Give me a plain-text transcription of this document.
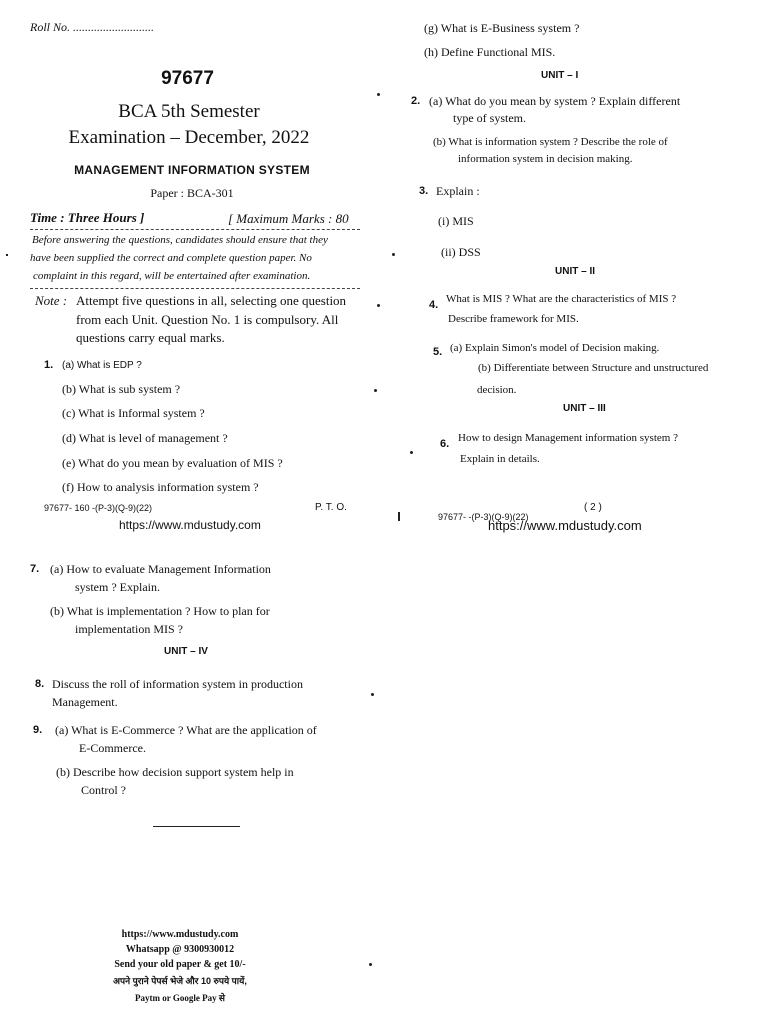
Roll No. ...........................
97677
BCA 5th Semester
Examination – December, 2022
MANAGEMENT INFORMATION SYSTEM
Paper : BCA-301
Time : Three Hours ]	[ Maximum Marks : 80
Before answering the questions, candidates should ensure that they
have been supplied the correct and complete question paper. No
complaint in this regard, will be entertained after examination.
Note : Attempt five questions in all, selecting one question
from each Unit. Question No. 1 is compulsory. All
questions carry equal marks.
1. (a) What is EDP ?
(b) What is sub system ?
(c) What is Informal system ?
(d) What is level of management ?
(e) What do you mean by evaluation of MIS ?
(f) How to analysis information system ?
97677- 160 -(P-3)(Q-9)(22)	P. T. O.
https://www.mdustudy.com
(g) What is E-Business system ?
(h) Define Functional MIS.
UNIT – I
2. (a) What do you mean by system ? Explain different
type of system.
(b) What is information system ? Describe the role of
information system in decision making.
3. Explain :
(i) MIS
(ii) DSS
UNIT – II
4. What is MIS ? What are the characteristics of MIS ?
Describe framework for MIS.
5. (a) Explain Simon's model of Decision making.
(b) Differentiate between Structure and unstructured
decision.
UNIT – III
6. How to design Management information system ?
Explain in details.
97677- -(P-3)(Q-9)(22)
( 2 )
https://www.mdustudy.com
7. (a) How to evaluate Management Information
system ? Explain.
(b) What is implementation ? How to plan for
implementation MIS ?
UNIT – IV
8. Discuss the roll of information system in production
Management.
9. (a) What is E-Commerce ? What are the application of
E-Commerce.
(b) Describe how decision support system help in
Control ?
https://www.mdustudy.com
Whatsapp @ 9300930012
Send your old paper & get 10/-
अपने पुराने पेपर्स भेजे और 10 रुपये पायें,
Paytm or Google Pay से
